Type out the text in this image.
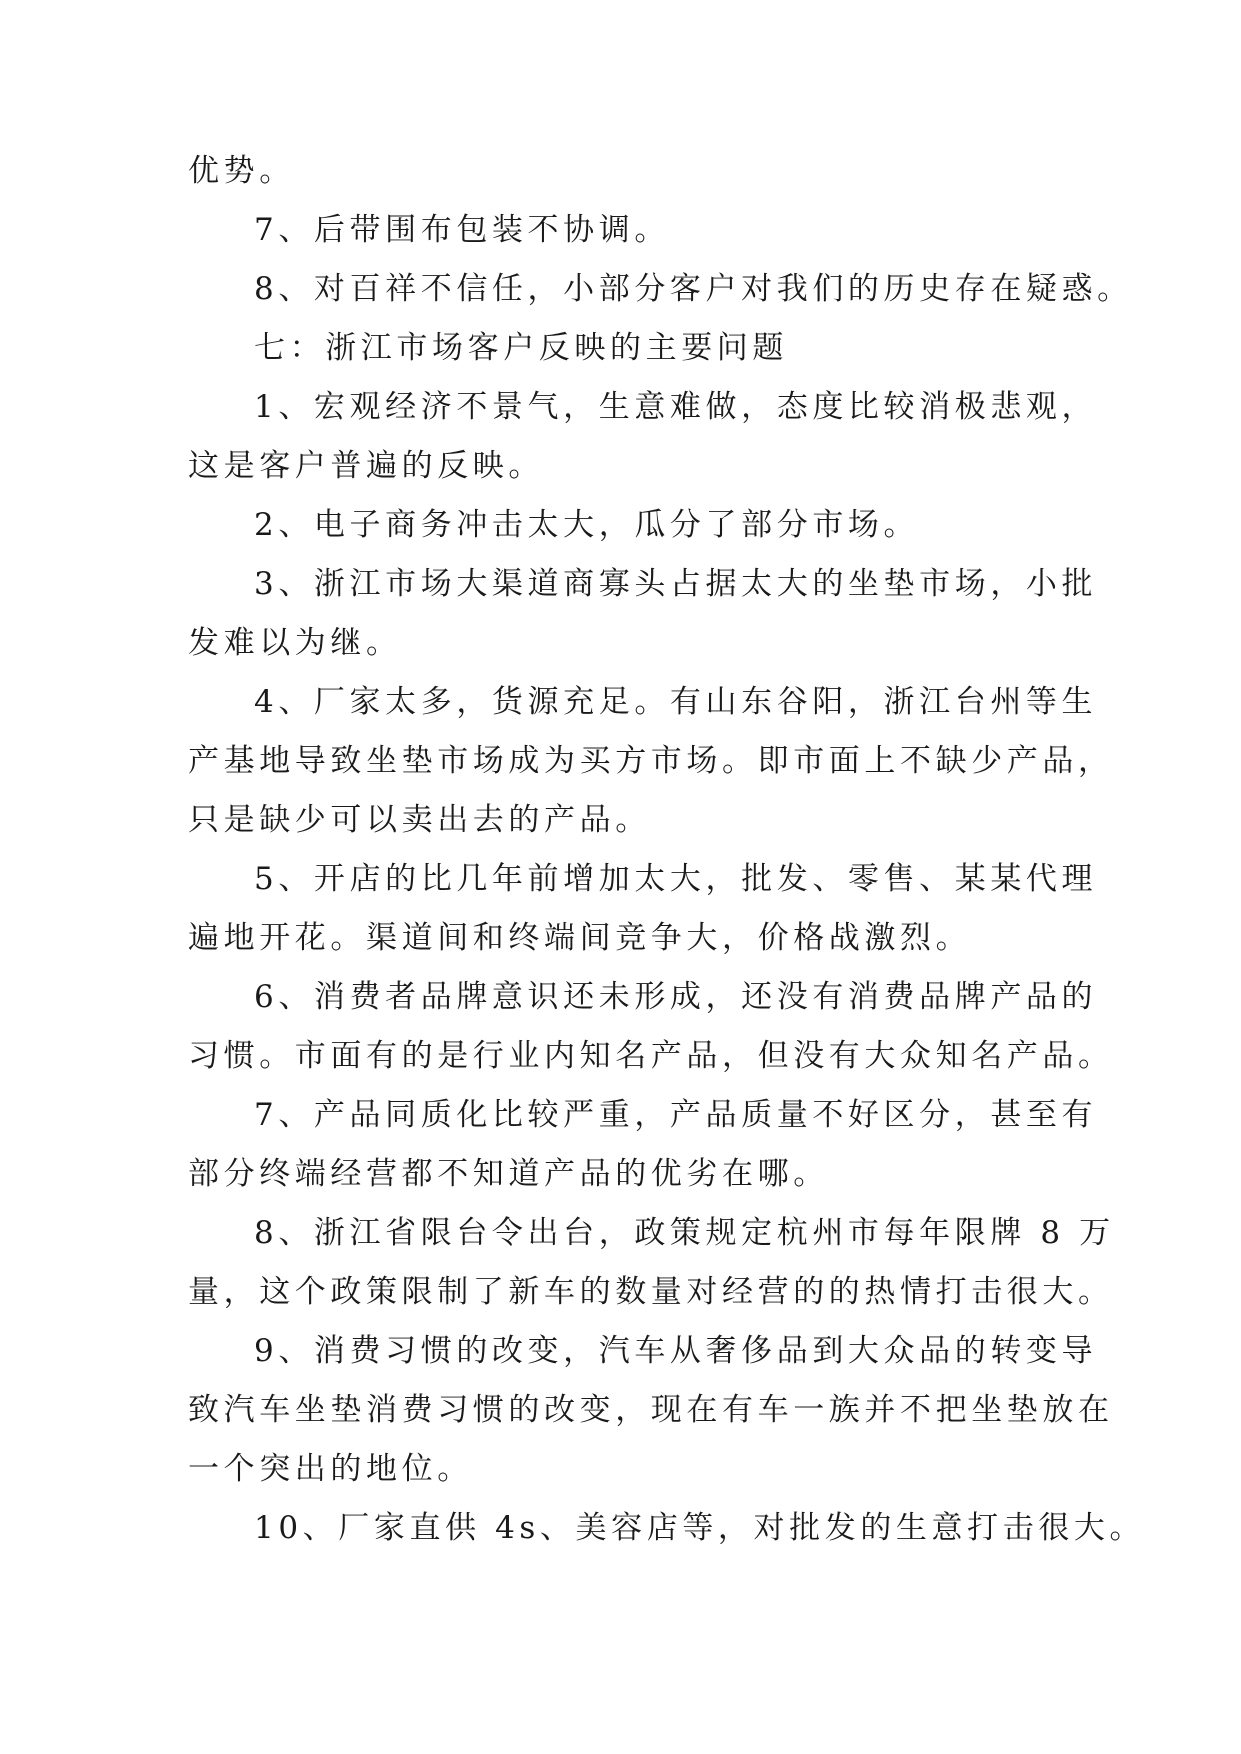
优势。
7、后带围布包装不协调。
8、对百祥不信任，小部分客户对我们的历史存在疑惑。
七：浙江市场客户反映的主要问题
1、宏观经济不景气，生意难做，态度比较消极悲观，
这是客户普遍的反映。
2、电子商务冲击太大，瓜分了部分市场。
3、浙江市场大渠道商寡头占据太大的坐垫市场，小批
发难以为继。
4、厂家太多，货源充足。有山东谷阳，浙江台州等生
产基地导致坐垫市场成为买方市场。即市面上不缺少产品，
只是缺少可以卖出去的产品。
5、开店的比几年前增加太大，批发、零售、某某代理
遍地开花。渠道间和终端间竞争大，价格战激烈。
6、消费者品牌意识还未形成，还没有消费品牌产品的
习惯。市面有的是行业内知名产品，但没有大众知名产品。
7、产品同质化比较严重，产品质量不好区分，甚至有
部分终端经营都不知道产品的优劣在哪。
8、浙江省限台令出台，政策规定杭州市每年限牌 8 万
量，这个政策限制了新车的数量对经营的的热情打击很大。
9、消费习惯的改变，汽车从奢侈品到大众品的转变导
致汽车坐垫消费习惯的改变，现在有车一族并不把坐垫放在
一个突出的地位。
10、厂家直供 4s、美容店等，对批发的生意打击很大。
